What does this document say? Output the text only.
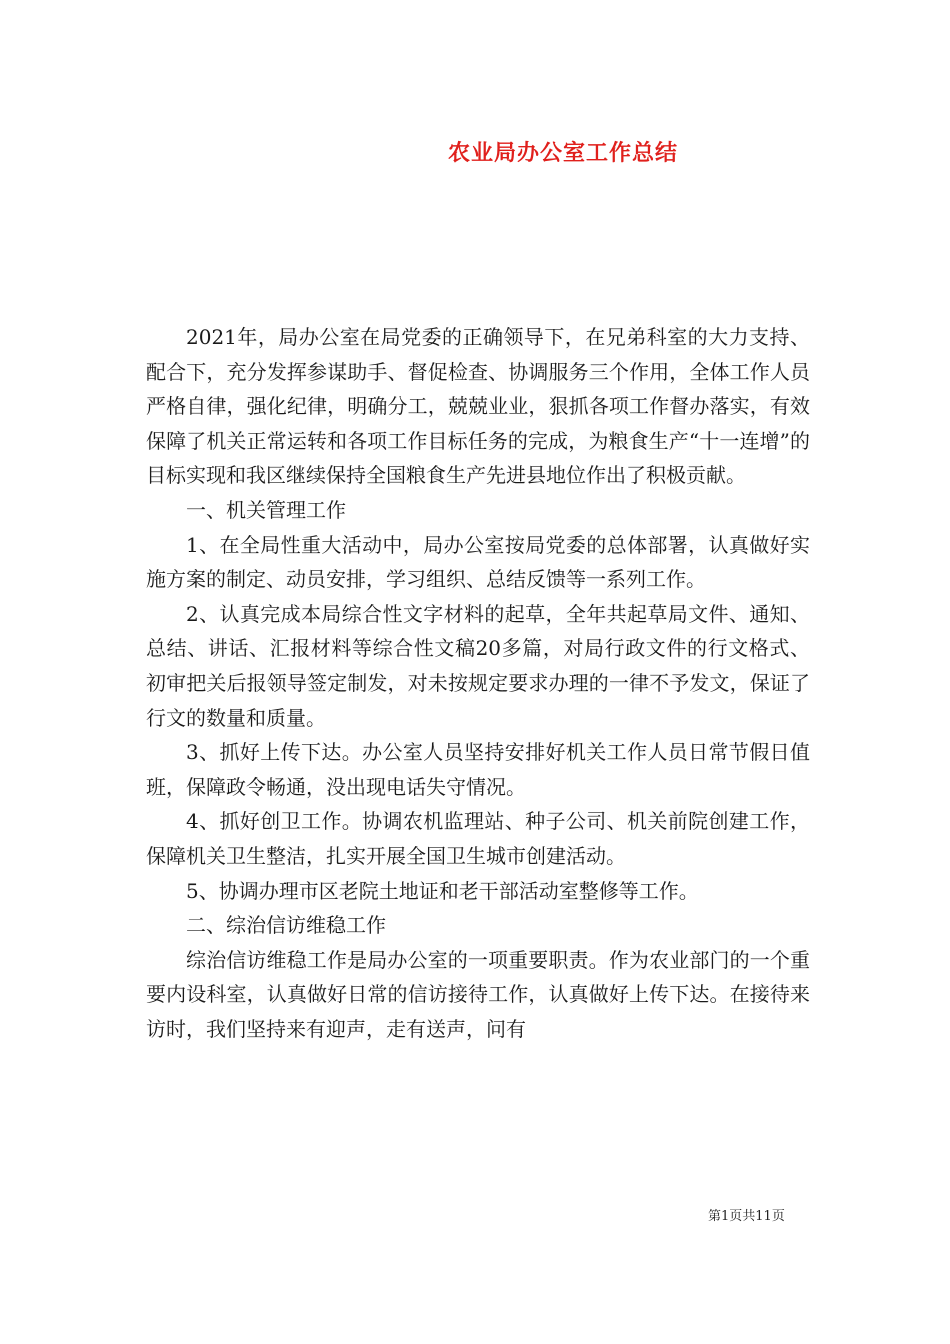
农业局办公室工作总结

2021年，局办公室在局党委的正确领导下，在兄弟科室的大力支持、配合下，充分发挥参谋助手、督促检查、协调服务三个作用，全体工作人员严格自律，强化纪律，明确分工，兢兢业业，狠抓各项工作督办落实，有效保障了机关正常运转和各项工作目标任务的完成，为粮食生产“十一连增”的目标实现和我区继续保持全国粮食生产先进县地位作出了积极贡献。

一、机关管理工作

1、在全局性重大活动中，局办公室按局党委的总体部署，认真做好实施方案的制定、动员安排，学习组织、总结反馈等一系列工作。

2、认真完成本局综合性文字材料的起草，全年共起草局文件、通知、总结、讲话、汇报材料等综合性文稿20多篇，对局行政文件的行文格式、初审把关后报领导签定制发，对未按规定要求办理的一律不予发文，保证了行文的数量和质量。

3、抓好上传下达。办公室人员坚持安排好机关工作人员日常节假日值班，保障政令畅通，没出现电话失守情况。

4、抓好创卫工作。协调农机监理站、种子公司、机关前院创建工作，保障机关卫生整洁，扎实开展全国卫生城市创建活动。

5、协调办理市区老院土地证和老干部活动室整修等工作。

二、综治信访维稳工作

综治信访维稳工作是局办公室的一项重要职责。作为农业部门的一个重要内设科室，认真做好日常的信访接待工作，认真做好上传下达。在接待来访时，我们坚持来有迎声，走有送声，问有

第1页共11页
